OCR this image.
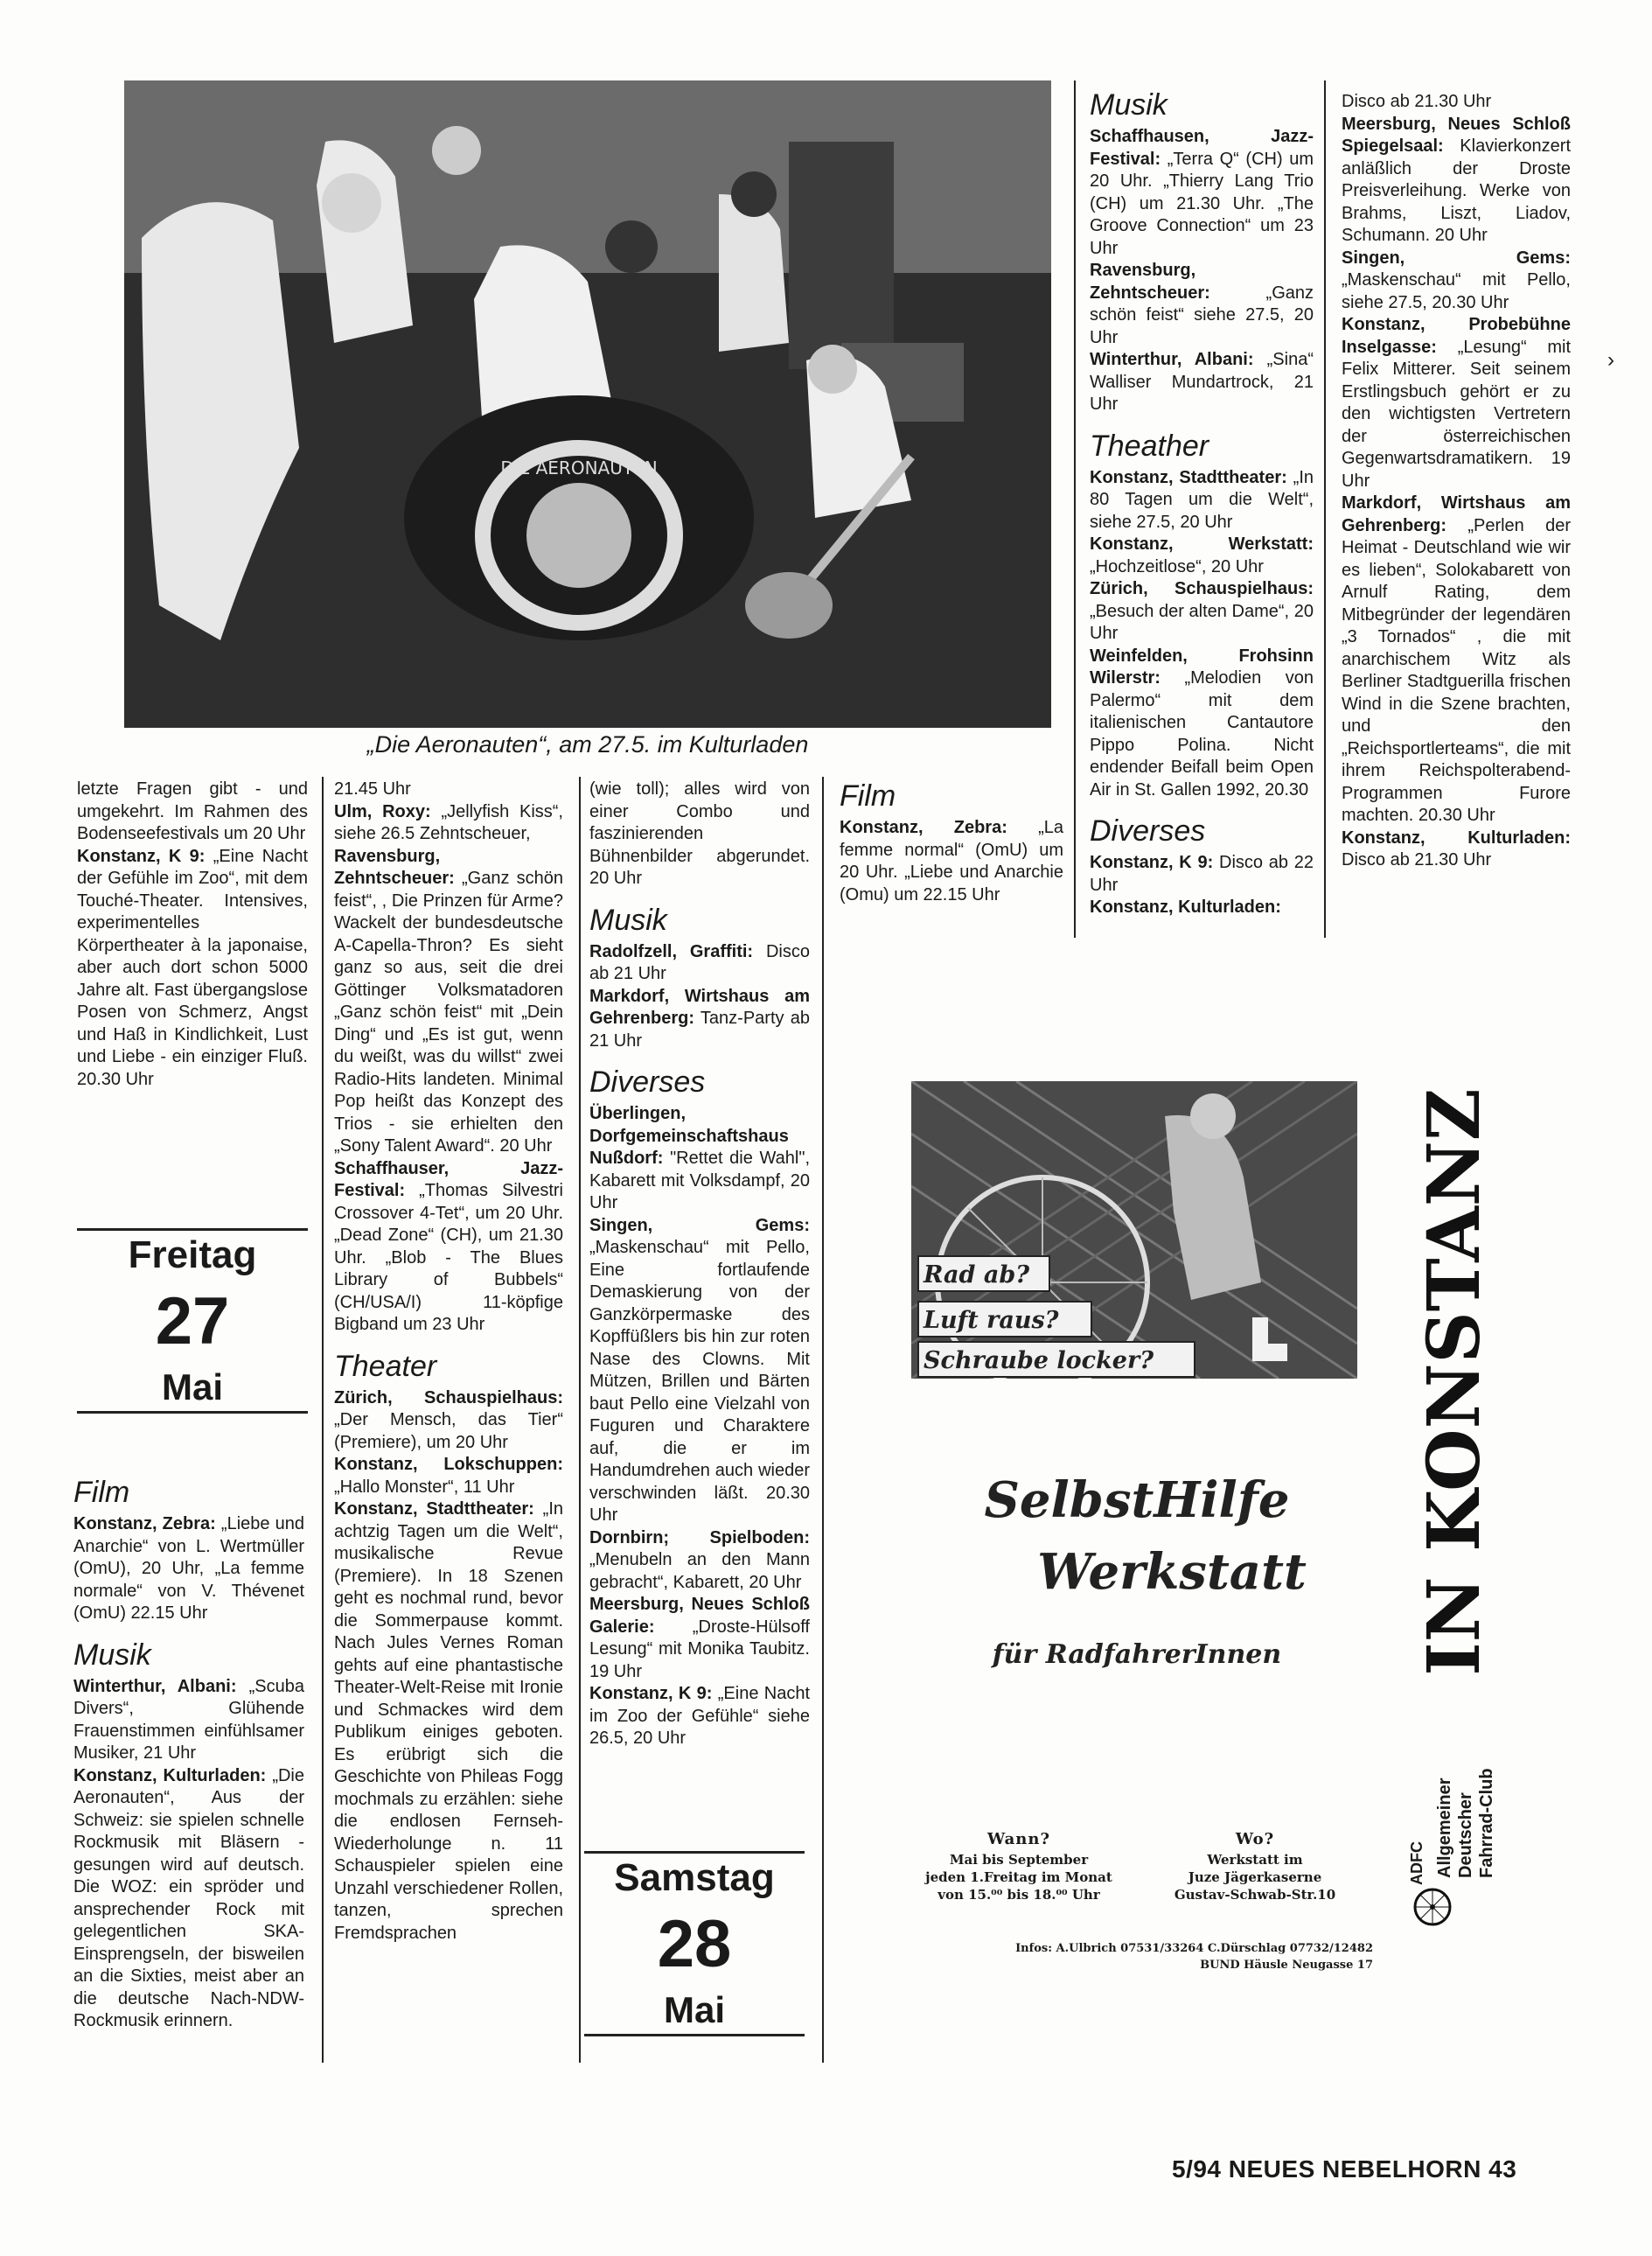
DIE AERONAUTEN
„Die Aeronauten“, am 27.5. im Kulturladen

letzte Fragen gibt - und umgekehrt. Im Rahmen des Bodenseefestivals um 20 Uhr

Konstanz, K 9: „Eine Nacht der Gefühle im Zoo“, mit dem Touché-Theater. Intensives, experimentelles Körpertheater à la japonaise, aber auch dort schon 5000 Jahre alt. Fast übergangslose Posen von Schmerz, Angst und Haß in Kindlichkeit, Lust und Liebe - ein einziger Fluß. 20.30 Uhr

Freitag
27
Mai
Film

Konstanz, Zebra: „Liebe und Anarchie“ von L. Wertmüller (OmU), 20 Uhr, „La femme normale“ von V. Thévenet (OmU) 22.15 Uhr

Musik

Winterthur, Albani: „Scuba Divers“, Glühende Frauenstimmen einfühlsamer Musiker, 21 Uhr

Konstanz, Kulturladen: „Die Aeronauten“, Aus der Schweiz: sie spielen schnelle Rockmusik mit Bläsern - gesungen wird auf deutsch. Die WOZ: ein spröder und ansprechender Rock mit gelegentlichen SKA-Einsprengseln, der bisweilen an die Sixties, meist aber an die deutsche Nach-NDW-Rockmusik erinnern.

21.45 Uhr

Ulm, Roxy: „Jellyfish Kiss“, siehe 26.5 Zehntscheuer,

Ravensburg, Zehntscheuer: „Ganz schön feist“, , Die Prinzen für Arme? Wackelt der bundesdeutsche A-Capella-Thron? Es sieht ganz so aus, seit die drei Göttinger Volksmatadoren „Ganz schön feist“ mit „Dein Ding“ und „Es ist gut, wenn du weißt, was du willst“ zwei Radio-Hits landeten. Minimal Pop heißt das Konzept des Trios - sie erhielten den „Sony Talent Award“. 20 Uhr

Schaffhauser, Jazz-Festival: „Thomas Silvestri Crossover 4-Tet“, um 20 Uhr. „Dead Zone“ (CH), um 21.30 Uhr. „Blob - The Blues Library of Bubbels“ (CH/USA/I) 11-köpfige Bigband um 23 Uhr

Theater

Zürich, Schauspielhaus: „Der Mensch, das Tier“ (Premiere), um 20 Uhr

Konstanz, Lokschuppen: „Hallo Monster“, 11 Uhr

Konstanz, Stadttheater: „In achtzig Tagen um die Welt“, musikalische Revue (Premiere). In 18 Szenen geht es nochmal rund, bevor die Sommerpause kommt. Nach Jules Vernes Roman gehts auf eine phantastische Theater-Welt-Reise mit Ironie und Schmackes wird dem Publikum einiges geboten. Es erübrigt sich die Geschichte von Phileas Fogg mochmals zu erzählen: siehe die endlosen Fernseh-Wiederholunge n. 11 Schauspieler spielen eine Unzahl verschiedener Rollen, tanzen, sprechen Fremdsprachen

(wie toll); alles wird von einer Combo und faszinierenden Bühnenbilder abgerundet. 20 Uhr

Musik

Radolfzell, Graffiti: Disco ab 21 Uhr

Markdorf, Wirtshaus am Gehrenberg: Tanz-Party ab 21 Uhr

Diverses

Überlingen, Dorfgemeinschaftshaus Nußdorf: "Rettet die Wahl", Kabarett mit Volksdampf, 20 Uhr

Singen, Gems: „Maskenschau“ mit Pello, Eine fortlaufende Demaskierung von der Ganzkörpermaske des Kopffüßlers bis hin zur roten Nase des Clowns. Mit Mützen, Brillen und Bärten baut Pello eine Vielzahl von Fuguren und Charaktere auf, die er im Handumdrehen auch wieder verschwinden läßt. 20.30 Uhr

Dornbirn; Spielboden: „Menubeln an den Mann gebracht“, Kabarett, 20 Uhr

Meersburg, Neues Schloß Galerie: „Droste-Hülsoff Lesung“ mit Monika Taubitz. 19 Uhr

Konstanz, K 9: „Eine Nacht im Zoo der Gefühle“ siehe 26.5, 20 Uhr

Samstag
28
Mai
Film

Konstanz, Zebra: „La femme normal“ (OmU) um 20 Uhr. „Liebe und Anarchie (Omu) um 22.15 Uhr

Musik

Schaffhausen, Jazz-Festival: „Terra Q“ (CH) um 20 Uhr. „Thierry Lang Trio (CH) um 21.30 Uhr. „The Groove Connection“ um 23 Uhr

Ravensburg, Zehntscheuer:	„Ganz schön feist“ siehe 27.5, 20 Uhr

Winterthur, Albani: „Sina“ Walliser Mundartrock, 21 Uhr

Theather

Konstanz, Stadttheater: „In 80 Tagen um die Welt“, siehe 27.5, 20 Uhr

Konstanz, Werkstatt: „Hochzeitlose“, 20 Uhr

Zürich, Schauspielhaus: „Besuch der alten Dame“, 20 Uhr

Weinfelden, Frohsinn Wilerstr: „Melodien von Palermo“ mit dem italienischen Cantautore Pippo Polina. Nicht endender Beifall beim Open Air in St. Gallen 1992, 20.30

Diverses

Konstanz, K 9: Disco ab 22 Uhr

Konstanz, Kulturladen:

Disco ab 21.30 Uhr

Meersburg, Neues Schloß Spiegelsaal: Klavierkonzert anläßlich der Droste Preisverleihung. Werke von Brahms, Liszt, Liadov, Schumann. 20 Uhr

Singen, Gems: „Maskenschau“ mit Pello, siehe 27.5, 20.30 Uhr

Konstanz, Probebühne Inselgasse: „Lesung“ mit Felix Mitterer. Seit seinem Erstlingsbuch gehört er zu den wichtigsten Vertretern der österreichischen Gegenwartsdramatikern. 19 Uhr

Markdorf, Wirtshaus am Gehrenberg: „Perlen der Heimat - Deutschland wie wir es lieben“, Solokabarett von Arnulf Rating, dem Mitbegründer der legendären „3 Tornados“ , die mit anarchischem Witz als Berliner Stadtguerilla frischen Wind in die Szene brachten, und den „Reichsportlerteams“, die mit ihrem Reichspolterabend-Programmen Furore machten. 20.30 Uhr

Konstanz, Kulturladen: Disco ab 21.30 Uhr

›
Rad ab?
Luft raus?
Schraube locker?
SelbstHilfe
Werkstatt
für RadfahrerInnen
Wann?
Mai bis September
jeden 1.Freitag im Monat
von 15.⁰⁰ bis 18.⁰⁰ Uhr
Wo?
Werkstatt im
Juze Jägerkaserne
Gustav-Schwab-Str.10
Infos: A.Ulbrich 07531/33264 C.Dürschlag 07732/12482
BUND Häusle Neugasse 17
IN KONSTANZ
ADFC Allgemeiner Deutscher Fahrrad-Club
5/94 NEUES NEBELHORN 43
